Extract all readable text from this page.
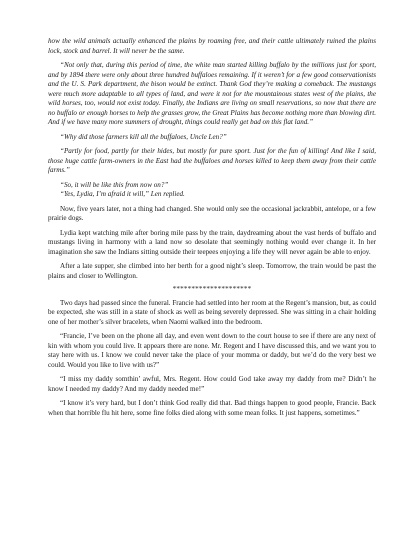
how the wild animals actually enhanced the plains by roaming free, and their cattle ultimately ruined the plains lock, stock and barrel. It will never be the same.

“Not only that, during this period of time, the white man started killing buffalo by the millions just for sport, and by 1894 there were only about three hundred buffaloes remaining. If it weren’t for a few good conservationists and the U. S. Park department, the bison would be extinct. Thank God they’re making a comeback. The mustangs were much more adaptable to all types of land, and were it not for the mountainous states west of the plains, the wild horses, too, would not exist today. Finally, the Indians are living on small reservations, so now that there are no buffalo or enough horses to help the grasses grow, the Great Plains has become nothing more than blowing dirt. And if we have many more summers of drought, things could really get bad on this flat land.”

“Why did those farmers kill all the buffaloes, Uncle Len?”

“Partly for food, partly for their hides, but mostly for pure sport. Just for the fun of killing! And like I said, those huge cattle farm-owners in the East had the buffaloes and horses killed to keep them away from their cattle farms.”

“So, it will be like this from now on?”

“Yes, Lydia, I’m afraid it will,” Len replied.

Now, five years later, not a thing had changed. She would only see the occasional jackrabbit, antelope, or a few prairie dogs.

Lydia kept watching mile after boring mile pass by the train, daydreaming about the vast herds of buffalo and mustangs living in harmony with a land now so desolate that seemingly nothing would ever change it. In her imagination she saw the Indians sitting outside their teepees enjoying a life they will never again be able to enjoy.

After a late supper, she climbed into her berth for a good night’s sleep. Tomorrow, the train would be past the plains and closer to Wellington.

*********************

Two days had passed since the funeral. Francie had settled into her room at the Regent’s mansion, but, as could be expected, she was still in a state of shock as well as being severely depressed. She was sitting in a chair holding one of her mother’s silver bracelets, when Naomi walked into the bedroom.

“Francie, I’ve been on the phone all day, and even went down to the court house to see if there are any next of kin with whom you could live. It appears there are none. Mr. Regent and I have discussed this, and we want you to stay here with us. I know we could never take the place of your momma or daddy, but we’d do the very best we could. Would you like to live with us?”

“I miss my daddy somthin’ awful, Mrs. Regent. How could God take away my daddy from me? Didn’t he know I needed my daddy? And my daddy needed me!”

“I know it’s very hard, but I don’t think God really did that. Bad things happen to good people, Francie. Back when that horrible flu hit here, some fine folks died along with some mean folks. It just happens, sometimes.”
